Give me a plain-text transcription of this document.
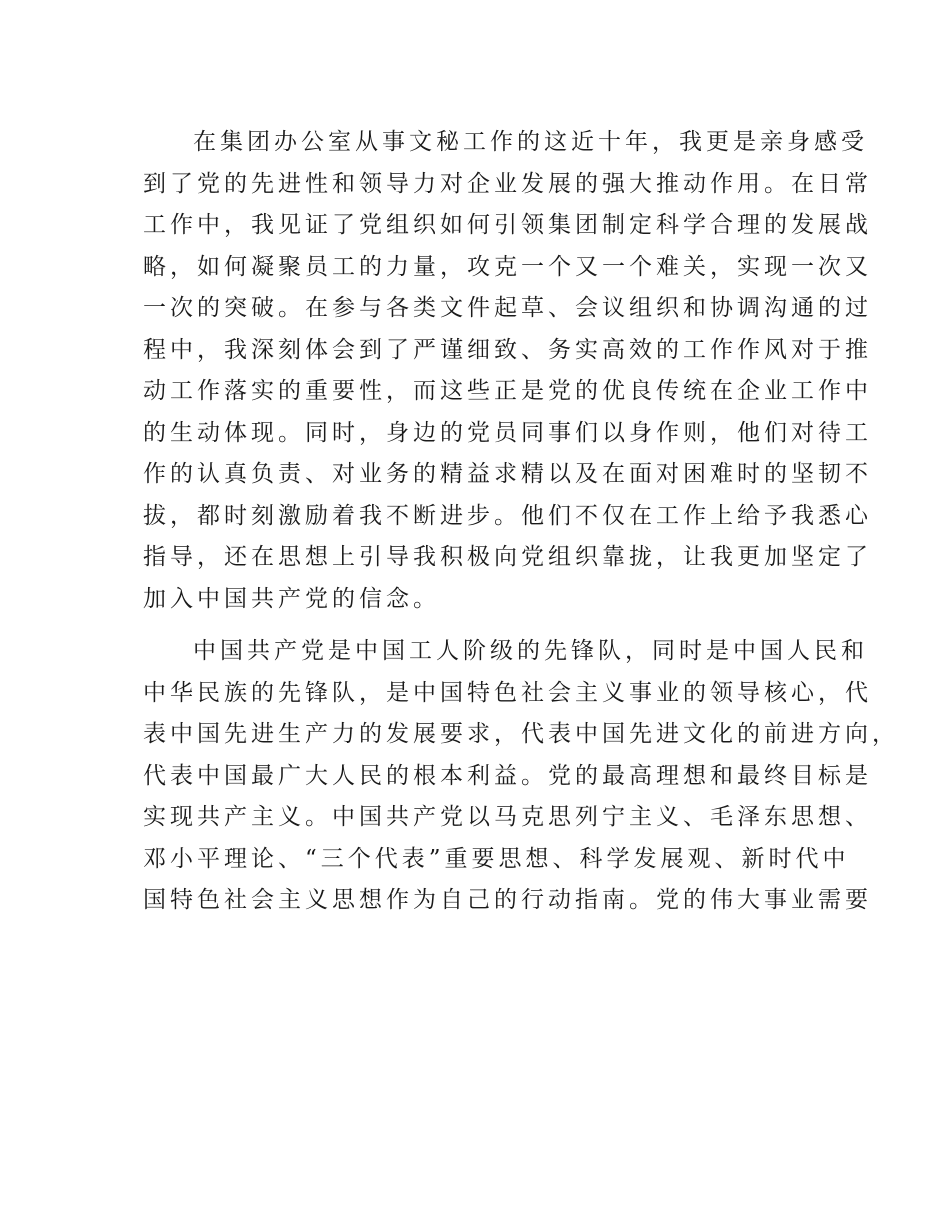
在集团办公室从事文秘工作的这近十年，我更是亲身感受
到了党的先进性和领导力对企业发展的强大推动作用。在日常
工作中，我见证了党组织如何引领集团制定科学合理的发展战
略，如何凝聚员工的力量，攻克一个又一个难关，实现一次又
一次的突破。在参与各类文件起草、会议组织和协调沟通的过
程中，我深刻体会到了严谨细致、务实高效的工作作风对于推
动工作落实的重要性，而这些正是党的优良传统在企业工作中
的生动体现。同时，身边的党员同事们以身作则，他们对待工
作的认真负责、对业务的精益求精以及在面对困难时的坚韧不
拔，都时刻激励着我不断进步。他们不仅在工作上给予我悉心
指导，还在思想上引导我积极向党组织靠拢，让我更加坚定了
加入中国共产党的信念。
中国共产党是中国工人阶级的先锋队，同时是中国人民和
中华民族的先锋队，是中国特色社会主义事业的领导核心，代
表中国先进生产力的发展要求，代表中国先进文化的前进方向，
代表中国最广大人民的根本利益。党的最高理想和最终目标是
实现共产主义。中国共产党以马克思列宁主义、毛泽东思想、
邓小平理论、“三个代表”重要思想、科学发展观、新时代中
国特色社会主义思想作为自己的行动指南。党的伟大事业需要
